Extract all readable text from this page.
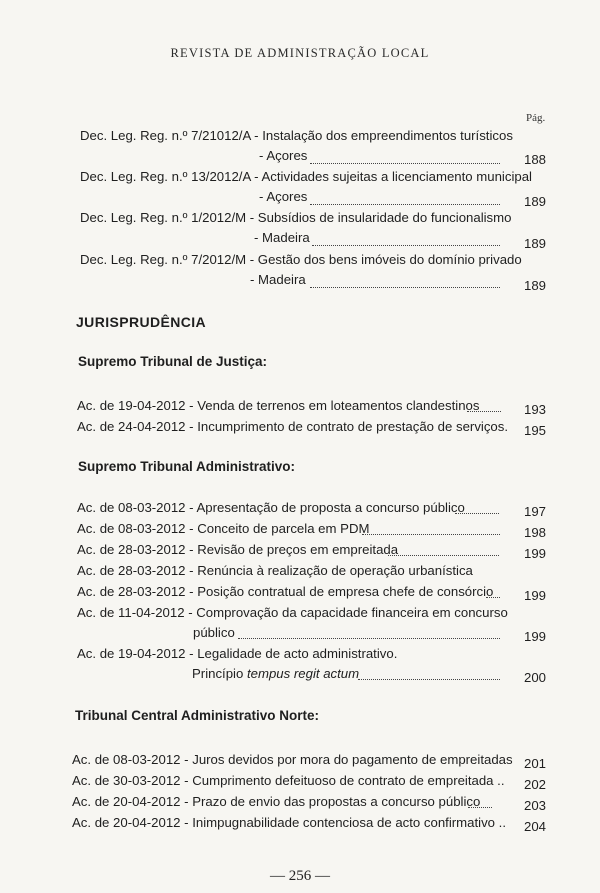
REVISTA DE ADMINISTRAÇÃO LOCAL
Pág.
Dec. Leg. Reg. n.º 7/21012/A - Instalação dos empreendimentos turísticos
- Açores	188
Dec. Leg. Reg. n.º 13/2012/A - Actividades sujeitas a licenciamento municipal
- Açores	189
Dec. Leg. Reg. n.º 1/2012/M - Subsídios de insularidade do funcionalismo
- Madeira	189
Dec. Leg. Reg. n.º 7/2012/M - Gestão dos bens imóveis do domínio privado
- Madeira	189
JURISPRUDÊNCIA
Supremo Tribunal de Justiça:
Ac. de 19-04-2012 - Venda de terrenos em loteamentos clandestinos	193
Ac. de 24-04-2012 - Incumprimento de contrato de prestação de serviços.	195
Supremo Tribunal Administrativo:
Ac. de 08-03-2012 - Apresentação de proposta a concurso público	197
Ac. de 08-03-2012 - Conceito de parcela em PDM	198
Ac. de 28-03-2012 - Revisão de preços em empreitada	199
Ac. de 28-03-2012 - Renúncia à realização de operação urbanística
Ac. de 28-03-2012 - Posição contratual de empresa chefe de consórcio	199
Ac. de 11-04-2012 - Comprovação da capacidade financeira em concurso
público	199
Ac. de 19-04-2012 - Legalidade de acto administrativo.
Princípio tempus regit actum	200
Tribunal Central Administrativo Norte:
Ac. de 08-03-2012 - Juros devidos por mora do pagamento de empreitadas 201
Ac. de 30-03-2012 - Cumprimento defeituoso de contrato de empreitada ..	202
Ac. de 20-04-2012 - Prazo de envio das propostas a concurso público	203
Ac. de 20-04-2012 - Inimpugnabilidade contenciosa de acto confirmativo ..	204
— 256 —
